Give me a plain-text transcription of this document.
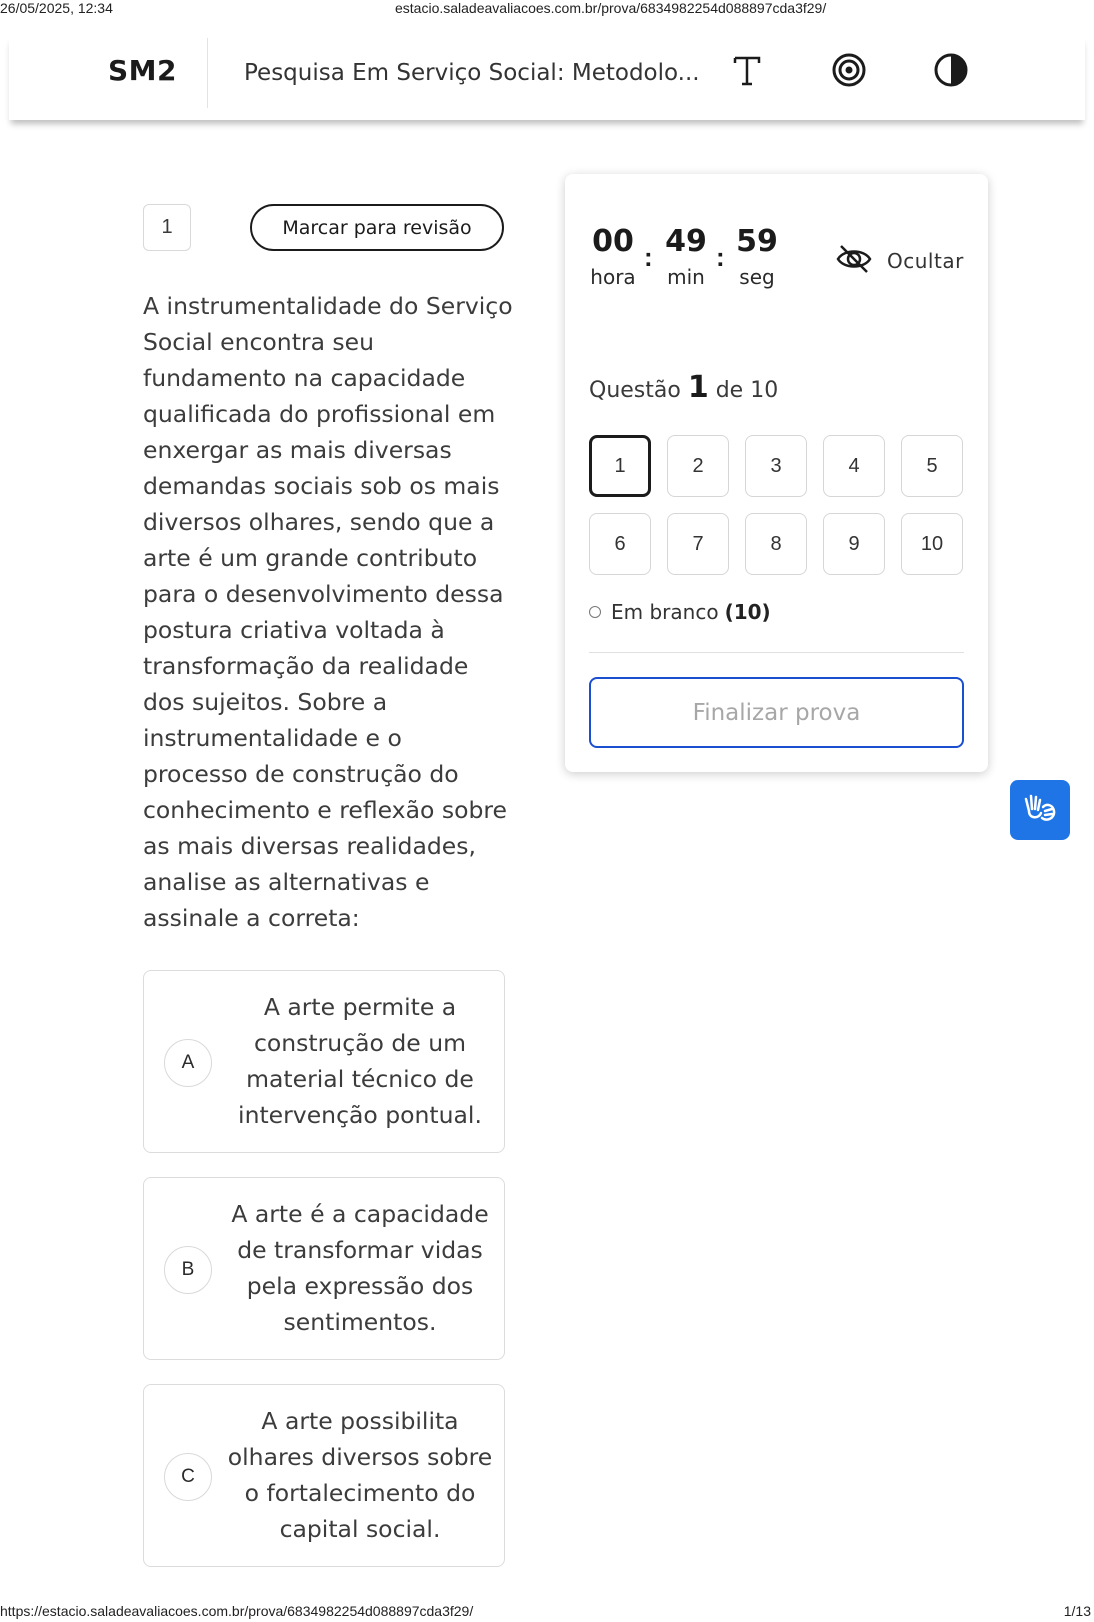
26/05/2025, 12:34	estacio.saladeavaliacoes.com.br/prova/6834982254d088897cda3f29/
SM2	Pesquisa Em Serviço Social: Metodolo...
1	Marcar para revisão
A instrumentalidade do Serviço Social encontra seu fundamento na capacidade qualificada do profissional em enxergar as mais diversas demandas sociais sob os mais diversos olhares, sendo que a arte é um grande contributo para o desenvolvimento dessa postura criativa voltada à transformação da realidade dos sujeitos. Sobre a instrumentalidade e o processo de construção do conhecimento e reflexão sobre as mais diversas realidades, analise as alternativas e assinale a correta:
A
A arte permite a construção de um material técnico de intervenção pontual.
B
A arte é a capacidade de transformar vidas pela expressão dos sentimentos.
C
A arte possibilita olhares diversos sobre o fortalecimento do capital social.
00
hora
: 49
min
: 59
seg
Ocultar
Questão 1 de 10
1	2	3	4	5
6	7	8	9	10
Em branco (10)
Finalizar prova
https://estacio.saladeavaliacoes.com.br/prova/6834982254d088897cda3f29/	1/13
